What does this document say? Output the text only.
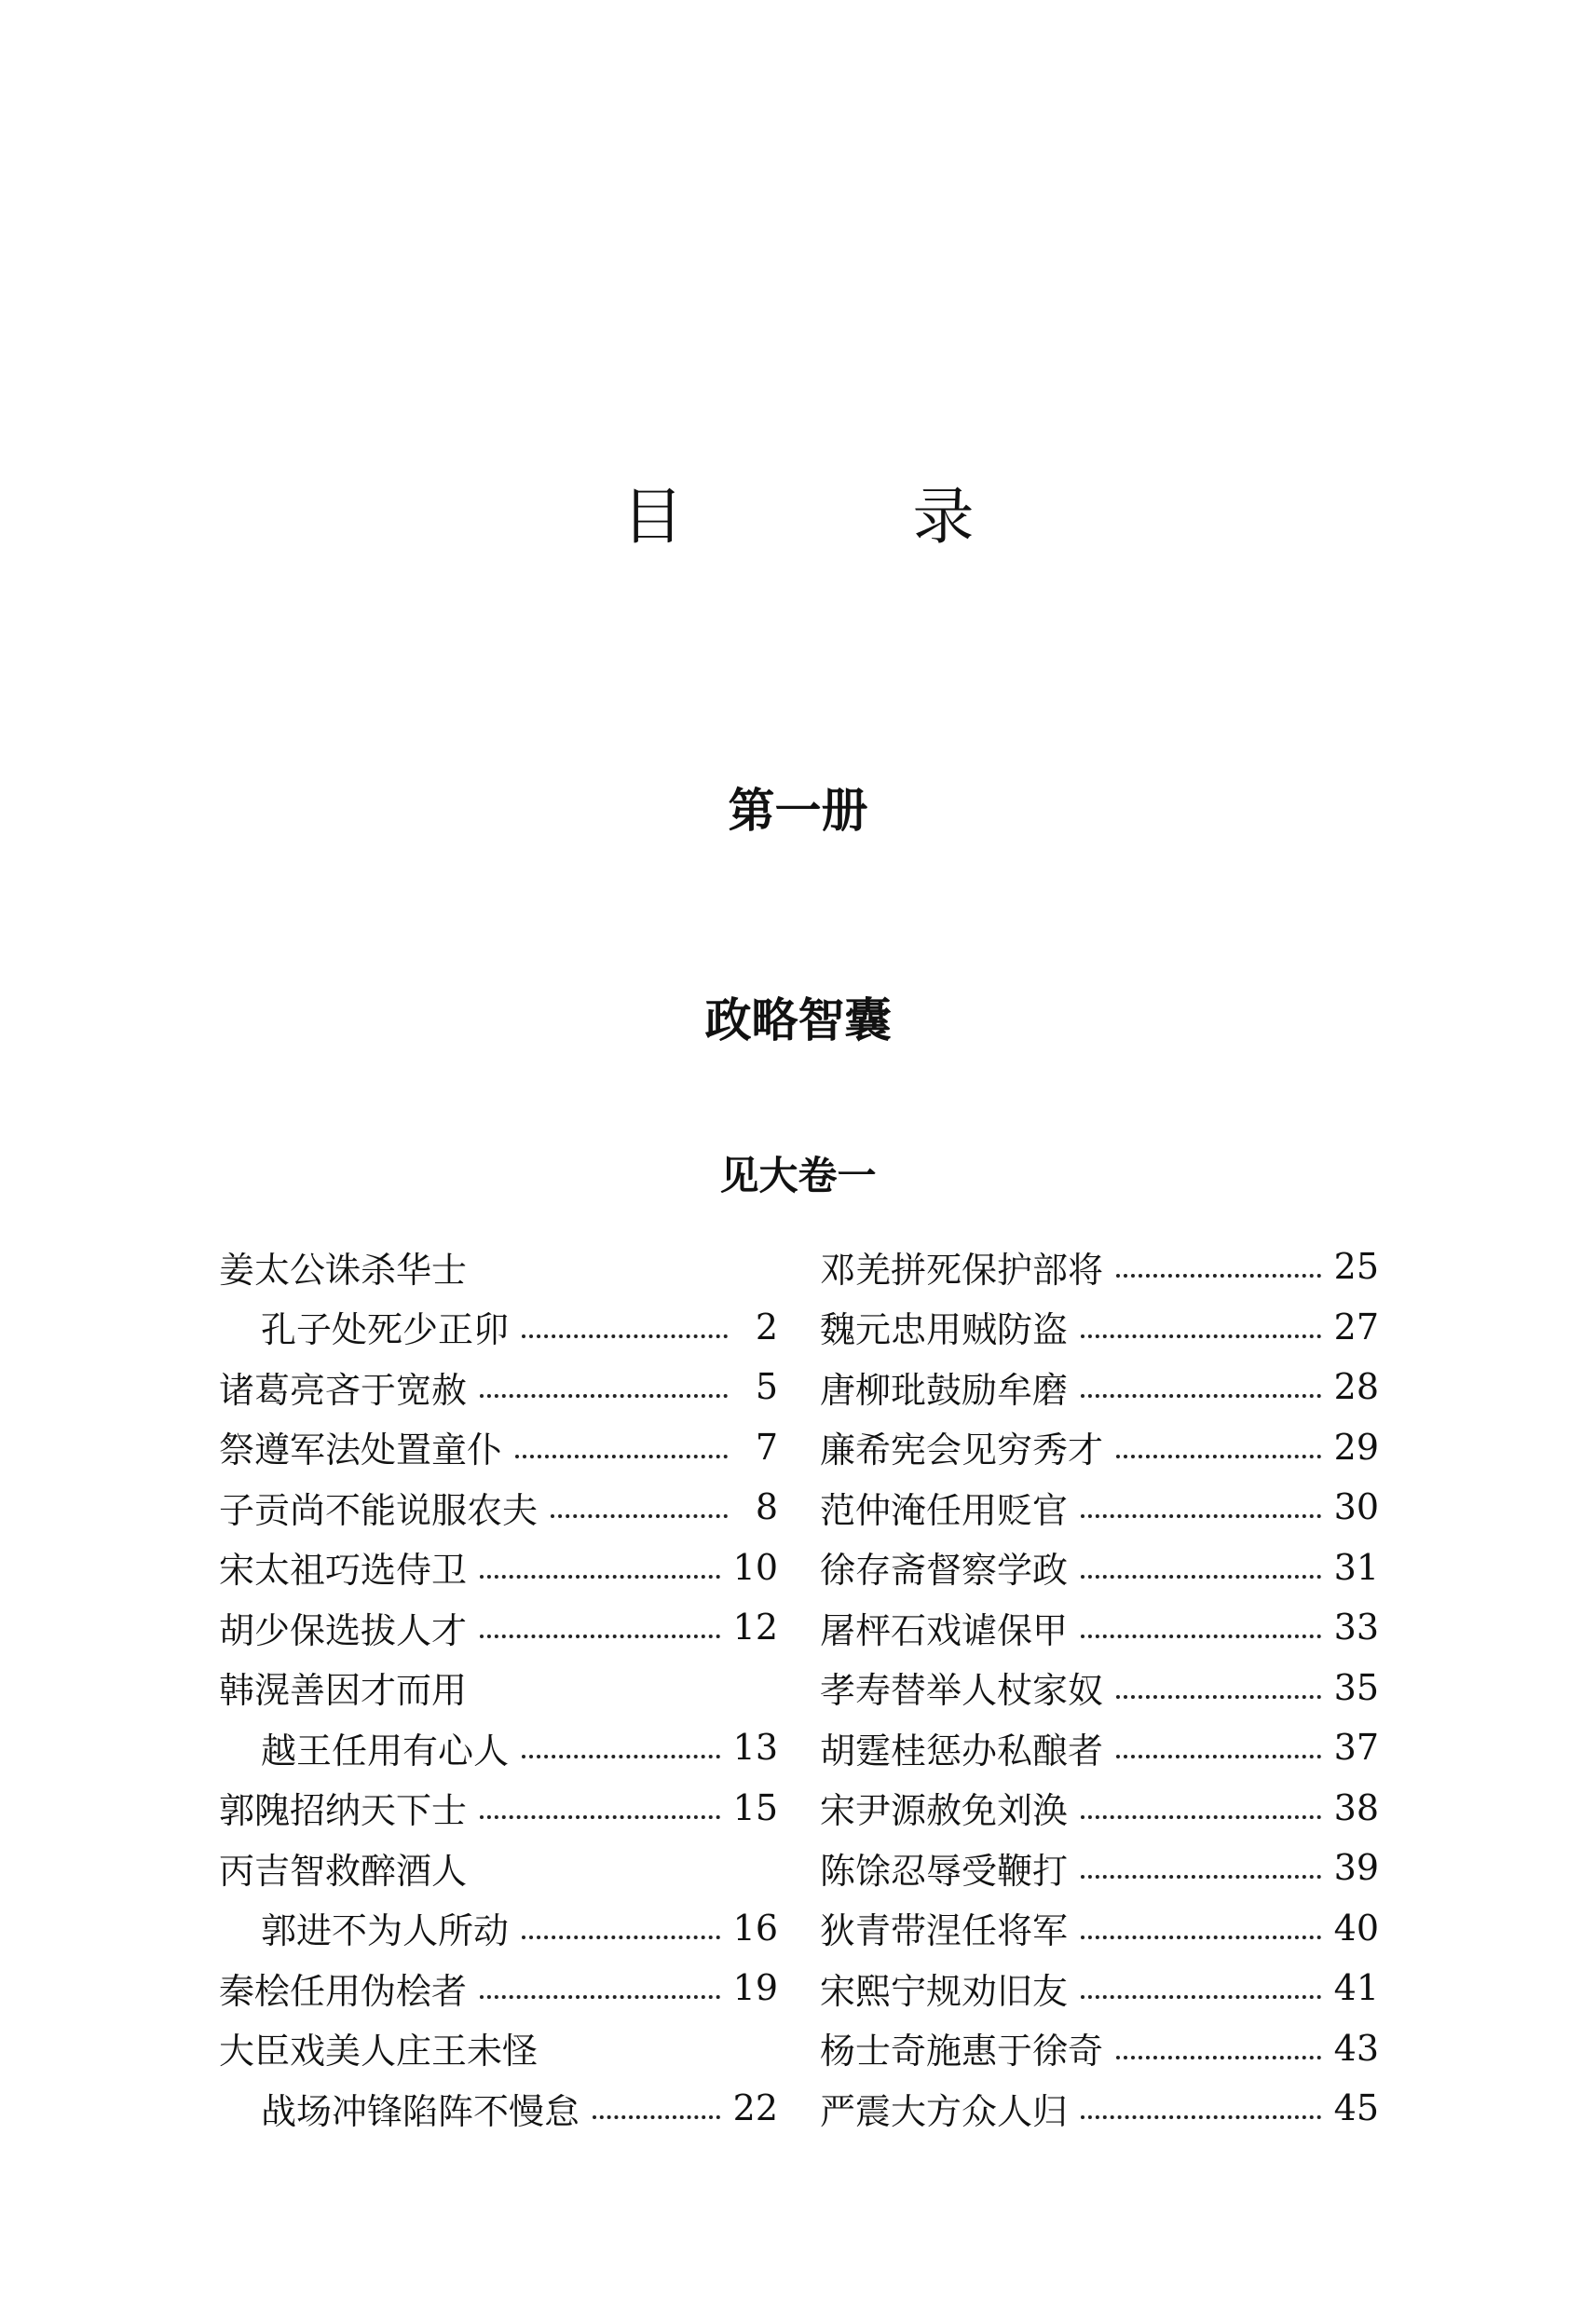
目　录
第一册
政略智囊
见大卷一
姜太公诛杀华士
孔子处死少正卯	2
诸葛亮吝于宽赦	5
祭遵军法处置童仆	7
子贡尚不能说服农夫	8
宋太祖巧选侍卫	10
胡少保选拔人才	12
韩滉善因才而用
越王任用有心人	13
郭隗招纳天下士	15
丙吉智救醉酒人
郭进不为人所动	16
秦桧任用伪桧者	19
大臣戏美人庄王未怪
战场冲锋陷阵不慢怠	22
邓羌拼死保护部将	25
魏元忠用贼防盗	27
唐柳玭鼓励牟磨	28
廉希宪会见穷秀才	29
范仲淹任用贬官	30
徐存斋督察学政	31
屠枰石戏谑保甲	33
孝寿替举人杖家奴	35
胡霆桂惩办私酿者	37
宋尹源赦免刘涣	38
陈馀忍辱受鞭打	39
狄青带涅任将军	40
宋熙宁规劝旧友	41
杨士奇施惠于徐奇	43
严震大方众人归	45
